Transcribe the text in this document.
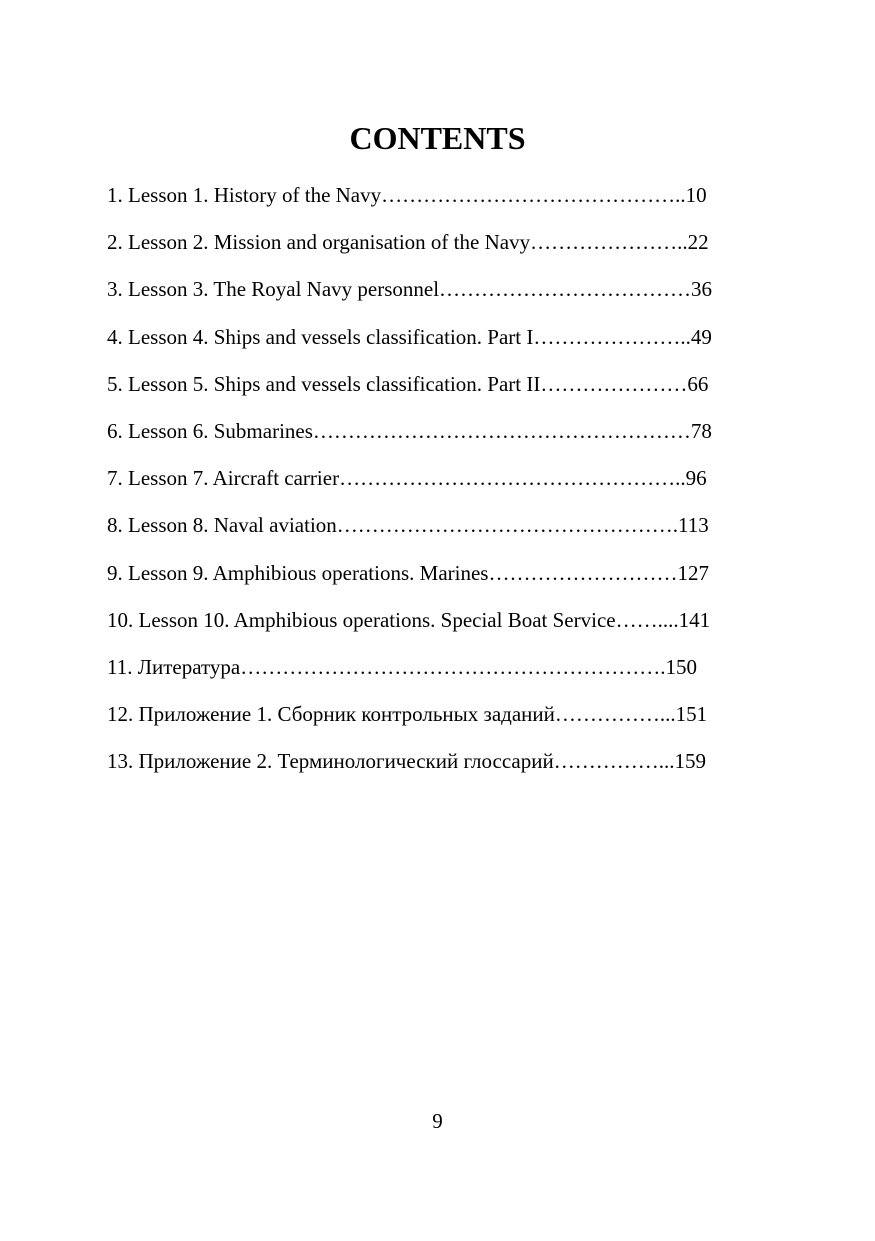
CONTENTS
1. Lesson 1. History of the Navy……………………………………..10
2. Lesson 2. Mission and organisation of the Navy…………………..22
3. Lesson 3. The Royal Navy personnel………………………………36
4. Lesson 4. Ships and vessels classification. Part I…………………..49
5. Lesson 5. Ships and vessels classification. Part II…………………66
6. Lesson 6. Submarines………………………………………………78
7. Lesson 7. Aircraft carrier…………………………………………..96
8. Lesson 8. Naval aviation………………………………………….113
9. Lesson 9. Amphibious operations. Marines………………………127
10. Lesson 10. Amphibious operations. Special Boat Service……....141
11. Литература…………………………………………………….150
12. Приложение 1. Сборник контрольных заданий……………...151
13. Приложение 2. Терминологический глоссарий……………...159
9
